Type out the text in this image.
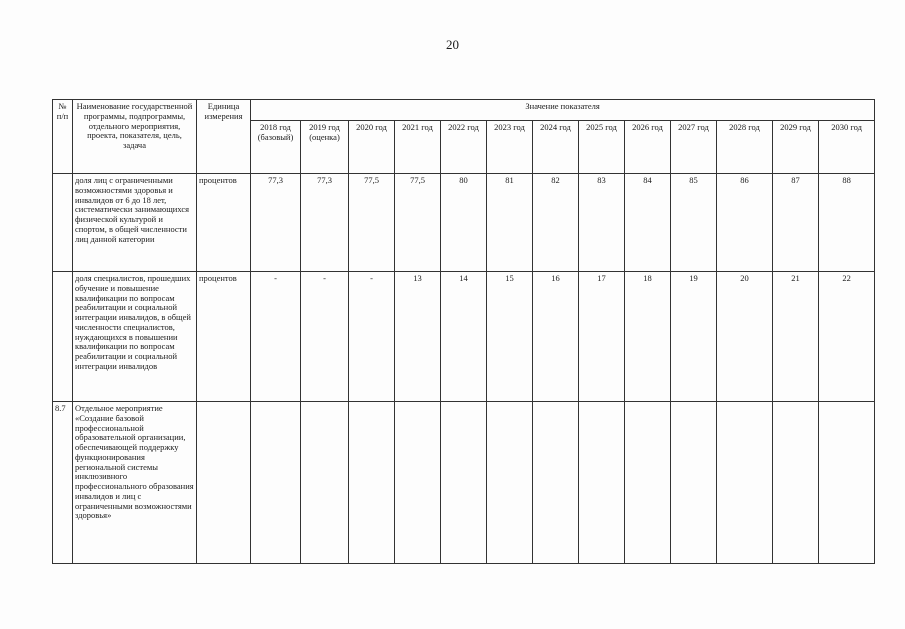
20
№
п/п	Наименование государственной программы, подпрограммы, отдельного мероприятия, проекта, показателя, цель, задача	Единица измерения	Значение показателя												
			2018 год (базовый)	2019 год (оценка)	2020 год	2021 год	2022 год	2023 год	2024 год	2025 год	2026 год	2027 год	2028 год	2029 год	2030 год
	доля лиц с ограниченными возможностями здоровья и инвалидов от 6 до 18 лет, систематически занимающихся физической культурой и спортом, в общей численности лиц данной категории	процентов	77,3	77,3	77,5	77,5	80	81	82	83	84	85	86	87	88
	доля специалистов, прошедших обучение и повышение квалификации по вопросам реабилитации и социальной интеграции инвалидов, в общей численности специалистов, нуждающихся в повышении квалификации по вопросам реабилитации и социальной интеграции инвалидов	процентов	-	-	-	13	14	15	16	17	18	19	20	21	22
8.7	Отдельное мероприятие «Создание базовой профессиональной образовательной организации, обеспечивающей поддержку функционирования региональной системы инклюзивного профессионального образования инвалидов и лиц с ограниченными возможностями здоровья»														
